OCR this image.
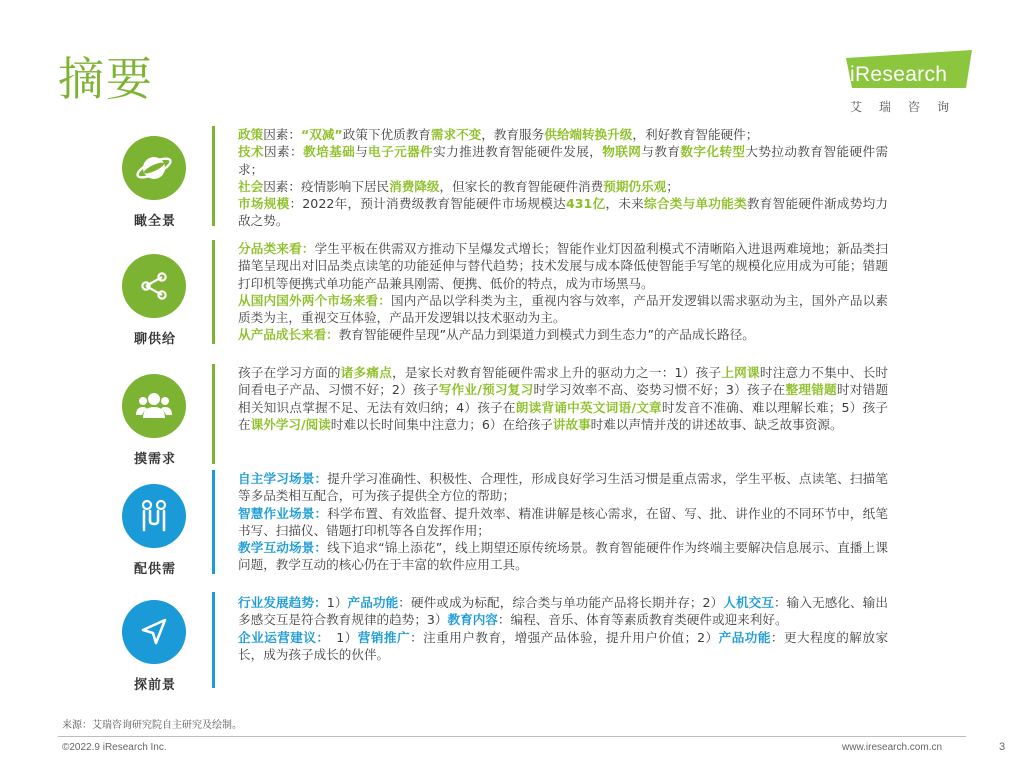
摘要	iResearch
艾瑞咨询
瞰全景

政策因素：“双减”政策下优质教育需求不变，教育服务供给端转换升级，利好教育智能硬件；

技术因素：教培基础与电子元器件实力推进教育智能硬件发展，物联网与教育数字化转型大势拉动教育智能硬件需求；

社会因素：疫情影响下居民消费降级，但家长的教育智能硬件消费预期仍乐观；

市场规模：2022年，预计消费级教育智能硬件市场规模达431亿，未来综合类与单功能类教育智能硬件渐成势均力敌之势。

聊供给

分品类来看：学生平板在供需双方推动下呈爆发式增长；智能作业灯因盈利模式不清晰陷入进退两难境地；新品类扫描笔呈现出对旧品类点读笔的功能延伸与替代趋势；技术发展与成本降低使智能手写笔的规模化应用成为可能；错题打印机等便携式单功能产品兼具刚需、便携、低价的特点，成为市场黑马。

从国内国外两个市场来看：国内产品以学科类为主，重视内容与效率，产品开发逻辑以需求驱动为主，国外产品以素质类为主，重视交互体验，产品开发逻辑以技术驱动为主。

从产品成长来看：教育智能硬件呈现”从产品力到渠道力到模式力到生态力”的产品成长路径。

摸需求

孩子在学习方面的诸多痛点，是家长对教育智能硬件需求上升的驱动力之一：1）孩子上网课时注意力不集中、长时间看电子产品、习惯不好；2）孩子写作业/预习复习时学习效率不高、姿势习惯不好；3）孩子在整理错题时对错题相关知识点掌握不足、无法有效归纳；4）孩子在朗读背诵中英文词语/文章时发音不准确、难以理解长难；5）孩子在课外学习/阅读时难以长时间集中注意力；6）在给孩子讲故事时难以声情并茂的讲述故事、缺乏故事资源。

配供需

自主学习场景：提升学习准确性、积极性、合理性，形成良好学习生活习惯是重点需求，学生平板、点读笔、扫描笔等多品类相互配合，可为孩子提供全方位的帮助；

智慧作业场景：科学布置、有效监督、提升效率、精准讲解是核心需求，在留、写、批、讲作业的不同环节中，纸笔书写、扫描仪、错题打印机等各自发挥作用；

教学互动场景：线下追求“锦上添花”，线上期望还原传统场景。教育智能硬件作为终端主要解决信息展示、直播上课问题，教学互动的核心仍在于丰富的软件应用工具。

探前景

行业发展趋势：1）产品功能：硬件或成为标配，综合类与单功能产品将长期并存；2）人机交互：输入无感化、输出多感交互是符合教育规律的趋势；3）教育内容：编程、音乐、体育等素质教育类硬件或迎来利好。

企业运营建议：　1）营销推广：注重用户教育，增强产品体验，提升用户价值；2）产品功能：更大程度的解放家长，成为孩子成长的伙伴。

来源：艾瑞咨询研究院自主研究及绘制。
©2022.9 iResearch Inc.	www.iresearch.com.cn	3
